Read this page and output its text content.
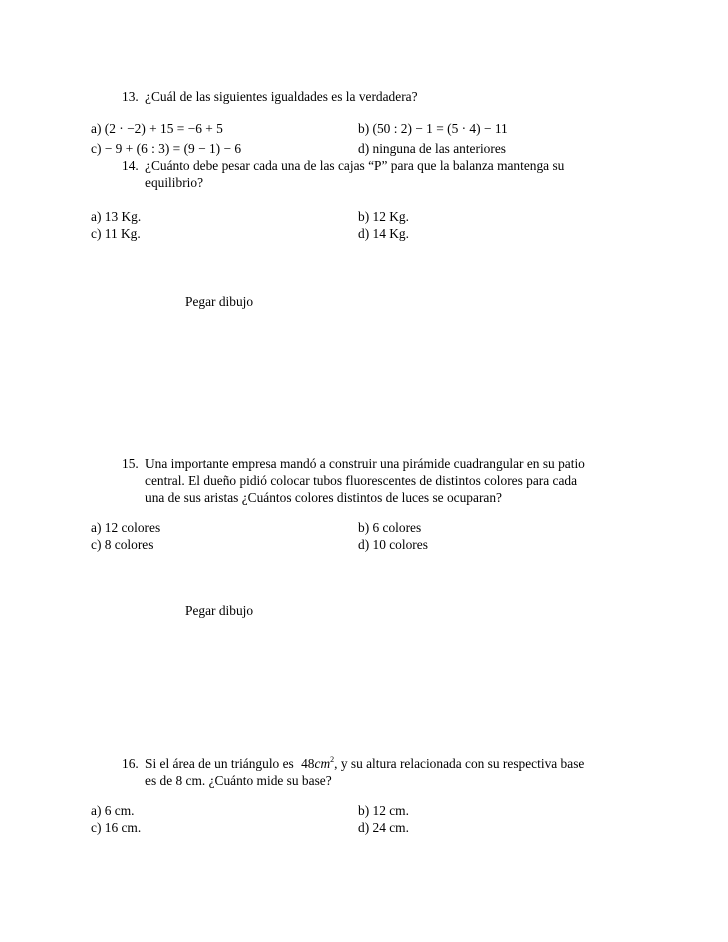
13. ¿Cuál de las siguientes igualdades es la verdadera?
a) (2 · −2) + 15 = −6 + 5	b) (50 : 2) − 1 = (5 · 4) − 11
c) − 9 + (6 : 3) = (9 − 1) − 6	d) ninguna de las anteriores
14. ¿Cuánto debe pesar cada una de las cajas “P” para que la balanza mantenga su
equilibrio?
a) 13 Kg.	b) 12 Kg.
c) 11 Kg.	d) 14 Kg.
Pegar dibujo
15. Una importante empresa mandó a construir una pirámide cuadrangular en su patio
central. El dueño pidió colocar tubos fluorescentes de distintos colores para cada
una de sus aristas ¿Cuántos colores distintos de luces se ocuparan?
a) 12 colores	b) 6 colores
c) 8 colores	d) 10 colores
Pegar dibujo
16. Si el área de un triángulo es $48cm^2$, y su altura relacionada con su respectiva base
es de 8 cm. ¿Cuánto mide su base?
a) 6 cm.	b) 12 cm.
c) 16 cm.	d) 24 cm.
